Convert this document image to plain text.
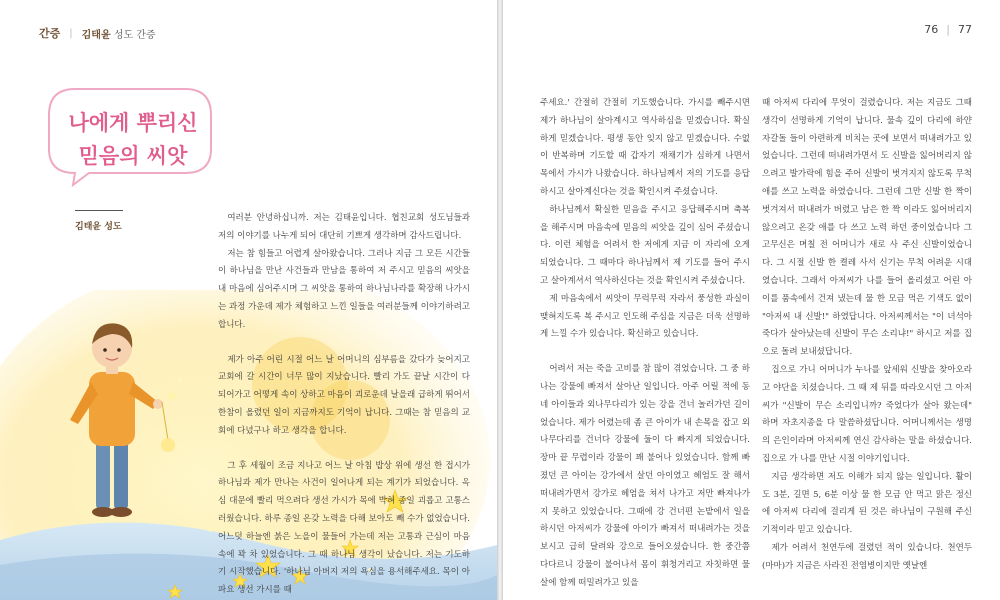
간증 | 김태윤 성도 간증
나에게 뿌리신
믿음의 씨앗
김태윤 성도

여러분 안녕하십니까. 저는 김태윤입니다. 협친교회 성도님들과 저의 이야기를 나누게 되어 대단히 기쁘게 생각하며 감사드립니다.

저는 참 힘들고 어렵게 살아왔습니다. 그러나 지금 그 모든 시간들이 하나님을 만난 사건들과 만남을 통하여 저 주시고 믿음의 씨앗을 내 마음에 심어주시며 그 씨앗을 통하여 하나님나라를 확장해 나가시는 과정 가운데 제가 체험하고 느낀 일들을 여러분들께 이야기하려고 합니다.

제가 아주 어린 시절 어느 날 어머니의 심부름을 갔다가 늦어지고 교회에 갈 시간이 너무 많이 지났습니다. 빨리 가도 끝날 시간이 다 되어가고 어떻게 속이 상하고 마음이 괴로운데 날을래 급하게 뛰어서 한참이 올렸던 일이 지금까지도 기억이 납니다. 그때는 참 믿음의 교회에 다녔구나 하고 생각을 합니다.

그 후 세월이 조금 지나고 어느 날 아침 밥상 위에 생선 한 접시가 하나님과 제가 만나는 사건이 일어나게 되는 계기가 되었습니다. 옥심 대문에 빨리 먹으려다 생선 가시가 목에 박혀 종일 괴롭고 고통스러웠습니다. 하루 종일 온갖 노력을 다해 보아도 빼 수가 없었습니다. 어느덧 하늘엔 붉은 노을이 물들어 가는데 저는 고통과 근심이 마음속에 꽉 차 있었습니다. 그 때 하나님 생각이 났습니다. 저는 기도하기 시작했습니다. '하나님 아버지 저의 욕심을 용서해주세요. 목이 아파요 생선 가시를 때

76 | 77

주세요.' 간절히 간절히 기도했습니다. 가시를 빼주시면 제가 하나님이 살아계시고 역사하심을 믿겠습니다. 확실하게 믿겠습니다. 평생 동안 잊지 않고 믿겠습니다. 수없이 반복하며 기도할 때 갑자기 재채기가 심하게 나면서 목에서 가시가 나왔습니다. 하나님께서 저의 기도를 응답하시고 살아계신다는 것을 확인시켜 주셨습니다.

하나님께서 확실한 믿음을 주시고 응답해주시며 축복을 해주시며 마음속에 믿음의 씨앗을 깊이 심어 주셨습니다. 이런 체험을 어려서 한 저에게 지금 이 자리에 오게 되었습니다. 그 때마다 하나님께서 제 기도를 들어 주시고 살아계셔서 역사하신다는 것을 확인시켜 주셨습니다.

제 마음속에서 씨앗이 무럭무럭 자라서 풍성한 과실이 맺혀지도록 복 주시고 인도해 주심을 지금은 더욱 선명하게 느낄 수가 있습니다. 확신하고 있습니다.

어려서 저는 죽을 고비를 참 많이 겪었습니다. 그 중 하나는 강물에 빠져서 살아난 일입니다. 아주 어릴 적에 동네 아이들과 외나무다리가 있는 강을 건너 놀러가던 길이었습니다. 제가 어렸는데 좀 큰 아이가 내 손목을 잡고 외나무다리를 건너다 강물에 둘이 다 빠지게 되었습니다. 장마 끝 무렵이라 강물이 꽤 불어나 있었습니다. 함께 빠졌던 큰 아이는 강가에서 살던 아이였고 헤엄도 잘 해서 떠내려가면서 강가로 헤엄을 쳐서 나가고 저만 빠져나가지 못하고 있었습니다. 그때에 강 건너편 논밭에서 일을 하시던 아저씨가 강물에 아이가 빠져서 떠내려가는 것을 보시고 급히 달려와 강으로 들어오셨습니다. 한 중간쯤 다다르니 강물이 불어나서 몸이 휘청거리고 자칫하면 물살에 함께 떠밀려가고 있을

때 아저씨 다리에 무엇이 걸렸습니다. 저는 지금도 그때 생각이 선명하게 기억이 납니다. 물속 깊이 다리에 하얀 자갈돌 들이 아련하게 비치는 곳에 보면서 떠내려가고 있었습니다. 그런데 떠내려가면서 도 신발을 잃어버리지 않으려고 발가락에 힘을 주어 신발이 벗겨지지 않도록 무척 애를 쓰고 노력을 하였습니다. 그런데 그만 신발 한 짝이 벗겨져서 떠내려가 버렸고 남은 한 짝 이라도 잃어버리지 않으려고 온갖 애를 다 쓰고 노력 하던 중이었습니다 그 고무신은 며칠 전 어머니가 새로 사 주신 신발이었습니다. 그 시절 신발 한 켤레 사서 신기는 무척 어려운 시대였습니다. 그래서 아저씨가 나를 들어 올리셨고 어린 아이를 품속에서 건져 냈는데 물 한 모금 먹은 기색도 없이 "아저씨 내 신발!" 하였답니다. 아저씨께서는 "이 녀석아 죽다가 살아났는데 신발이 무슨 소리냐!" 하시고 저를 집으로 돌려 보내셨답니다.

집으로 가니 어머니가 누나를 앞세워 신발을 찾아오라고 야단을 치셨습니다. 그 때 제 뒤를 따라오시던 그 아저씨가 "신발이 무슨 소리입니까? 죽었다가 살아 왔는데" 하며 자초지종을 다 말씀하셨답니다. 어머니께서는 생명의 은인이라며 아저씨께 연신 감사하는 말을 하셨습니다. 집으로 가 나를 만난 시절 이야기입니다.

지금 생각하면 저도 이해가 되지 않는 일입니다. 활이도 3분, 길면 5, 6분 이상 물 한 모금 안 먹고 맑은 정신에 아저씨 다리에 걸리게 된 것은 하나님이 구원해 주신 기적이라 믿고 있습니다.

제가 어려서 천연두에 걸렸던 적이 있습니다. 천연두(마마)가 지금은 사라진 전염병이지만 옛날엔
